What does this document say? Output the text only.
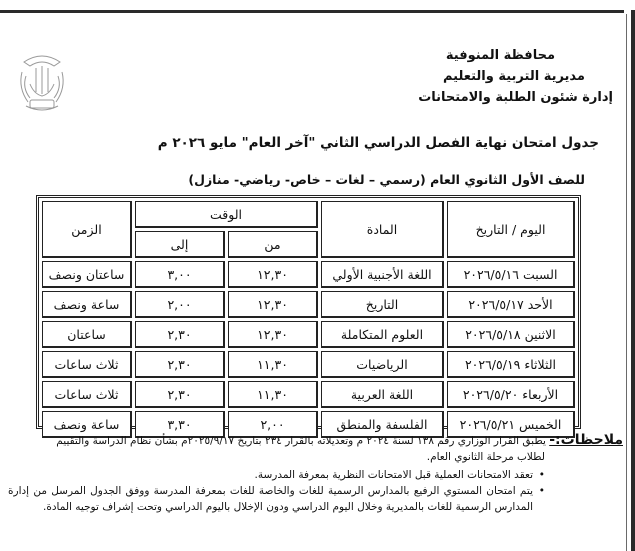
محافظة المنوفية
مديرية التربية والتعليم
إدارة شئون الطلبة والامتحانات
جدول امتحان نهاية الفصل الدراسي الثاني "آخر العام" مايو ٢٠٢٦ م
للصف الأول الثانوي العام (رسمي – لغات – خاص- رياضي- منازل)
اليوم / التاريخ	المادة	الوقت		الزمن
		من	إلى	
السبت ٢٠٢٦/٥/١٦	اللغة الأجنبية الأولي	١٢,٣٠	٣,٠٠	ساعتان ونصف
الأحد ٢٠٢٦/٥/١٧	التاريخ	١٢,٣٠	٢,٠٠	ساعة ونصف
الاثنين ٢٠٢٦/٥/١٨	العلوم المتكاملة	١٢,٣٠	٢,٣٠	ساعتان
الثلاثاء ٢٠٢٦/٥/١٩	الرياضيات	١١,٣٠	٢,٣٠	ثلاث ساعات
الأربعاء ٢٠٢٦/٥/٢٠	اللغة العربية	١١,٣٠	٢,٣٠	ثلاث ساعات
الخميس ٢٠٢٦/٥/٢١	الفلسفة والمنطق	٢,٠٠	٣,٣٠	ساعة ونصف
ملاحظات:- يطبق القرار الوزاري رقم ١٣٨ لسنة ٢٠٢٤ م وتعديلاته بالقرار ٢٣٤ بتاريخ ٢٠٢٥/٩/١٧م بشأن نظام الدراسة والتقييم
لطلاب مرحلة الثانوي العام.
• تعقد الامتحانات العملية قبل الامتحانات النظرية بمعرفة المدرسة.
• يتم امتحان المستوي الرفيع بالمدارس الرسمية للغات والخاصة للغات بمعرفة المدرسة ووفق الجدول المرسل من إدارة المدارس الرسمية للغات بالمديرية وخلال اليوم الدراسي ودون الإخلال باليوم الدراسي وتحت إشراف توجيه المادة.
